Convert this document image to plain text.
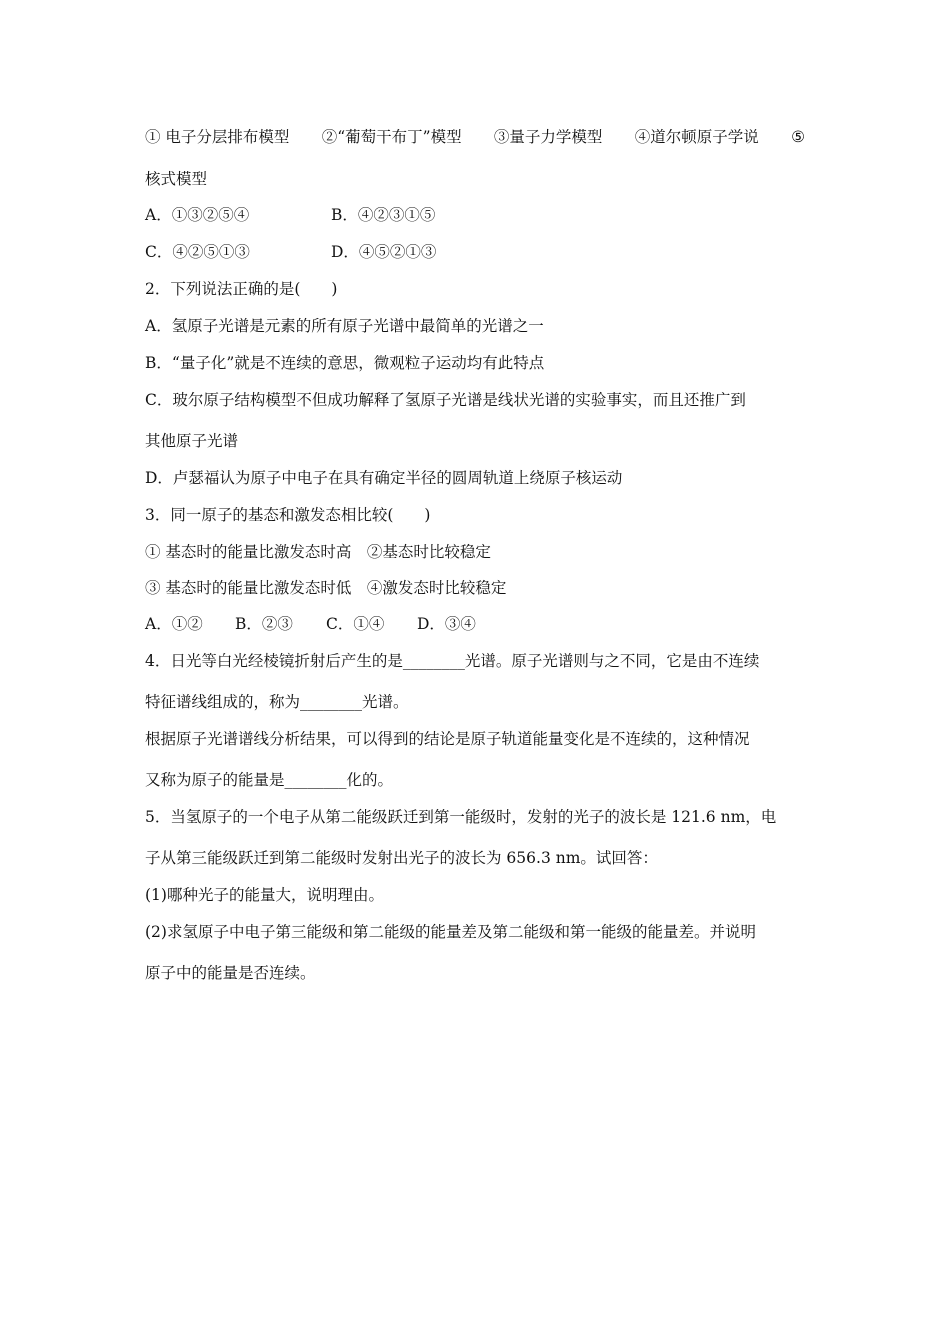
① 电子分层排布模型 ②“葡萄干布丁”模型 ③量子力学模型 ④道尔顿原子学说 ⑤
核式模型
A．①③②⑤④	B．④②③①⑤
C．④②⑤①③	D．④⑤②①③
2．下列说法正确的是(　　)
A．氢原子光谱是元素的所有原子光谱中最简单的光谱之一
B．“量子化”就是不连续的意思，微观粒子运动均有此特点
C．玻尔原子结构模型不但成功解释了氢原子光谱是线状光谱的实验事实，而且还推广到
其他原子光谱
D．卢瑟福认为原子中电子在具有确定半径的圆周轨道上绕原子核运动
3．同一原子的基态和激发态相比较(　　)
① 基态时的能量比激发态时高　②基态时比较稳定
③ 基态时的能量比激发态时低　④激发态时比较稳定
A．①② B．②③ C．①④ D．③④
4．日光等白光经棱镜折射后产生的是________光谱。原子光谱则与之不同，它是由不连续
特征谱线组成的，称为________光谱。
根据原子光谱谱线分析结果，可以得到的结论是原子轨道能量变化是不连续的，这种情况
又称为原子的能量是________化的。
5．当氢原子的一个电子从第二能级跃迁到第一能级时，发射的光子的波长是 121.6 nm，电
子从第三能级跃迁到第二能级时发射出光子的波长为 656.3 nm。试回答：
(1)哪种光子的能量大，说明理由。
(2)求氢原子中电子第三能级和第二能级的能量差及第二能级和第一能级的能量差。并说明
原子中的能量是否连续。
